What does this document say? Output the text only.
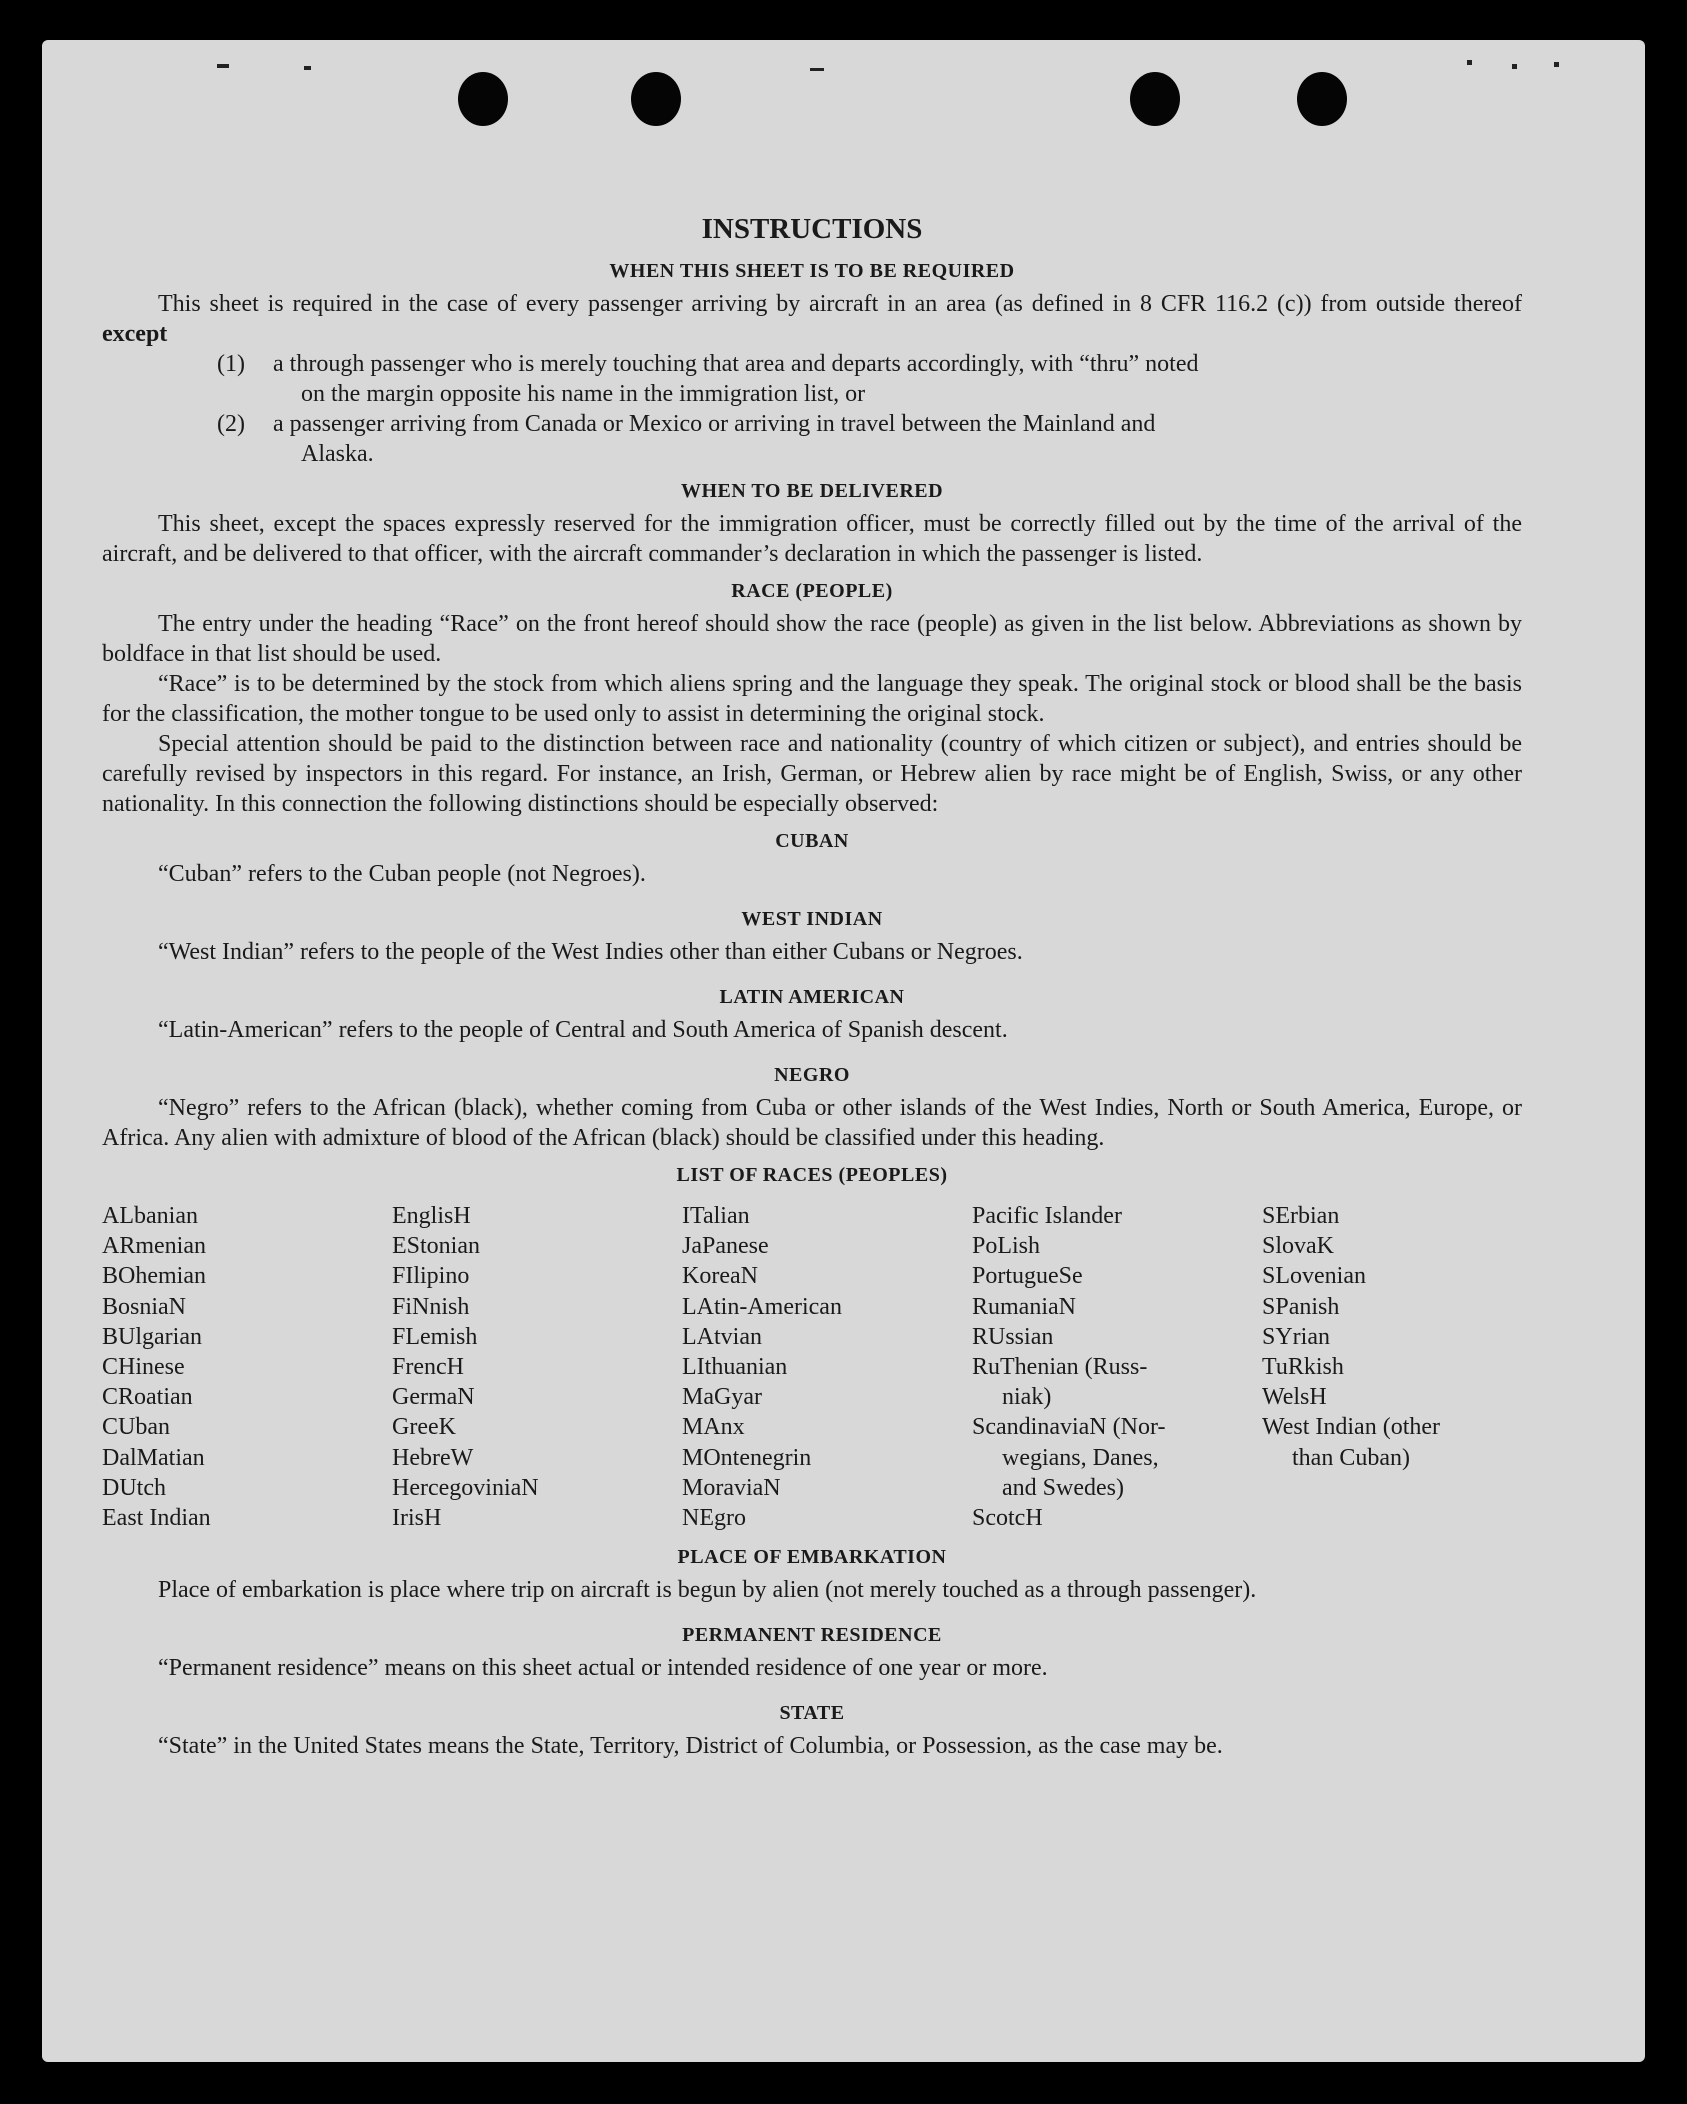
INSTRUCTIONS
WHEN THIS SHEET IS TO BE REQUIRED

This sheet is required in the case of every passenger arriving by aircraft in an area (as defined in 8 CFR 116.2 (c)) from outside thereof except

(1)	a through passenger who is merely touching that area and departs accordingly, with “thru” noted
on the margin opposite his name in the immigration list, or
(2)	a passenger arriving from Canada or Mexico or arriving in travel between the Mainland and
Alaska.
WHEN TO BE DELIVERED

This sheet, except the spaces expressly reserved for the immigration officer, must be correctly filled out by the time of the arrival of the aircraft, and be delivered to that officer, with the aircraft commander’s declaration in which the passenger is listed.

RACE (PEOPLE)

The entry under the heading “Race” on the front hereof should show the race (people) as given in the list below. Abbreviations as shown by boldface in that list should be used.

“Race” is to be determined by the stock from which aliens spring and the language they speak. The original stock or blood shall be the basis for the classification, the mother tongue to be used only to assist in determining the original stock.

Special attention should be paid to the distinction between race and nationality (country of which citizen or subject), and entries should be carefully revised by inspectors in this regard. For instance, an Irish, German, or Hebrew alien by race might be of English, Swiss, or any other nationality. In this connection the following distinctions should be especially observed:

CUBAN

“Cuban” refers to the Cuban people (not Negroes).

WEST INDIAN

“West Indian” refers to the people of the West Indies other than either Cubans or Negroes.

LATIN AMERICAN

“Latin-American” refers to the people of Central and South America of Spanish descent.

NEGRO

“Negro” refers to the African (black), whether coming from Cuba or other islands of the West Indies, North or South America, Europe, or Africa. Any alien with admixture of blood of the African (black) should be classified under this heading.

LIST OF RACES (PEOPLES)
ALbanian
ARmenian
BOhemian
BosniaN
BUlgarian
CHinese
CRoatian
CUban
DalMatian
DUtch
East Indian
EnglisH
EStonian
FIlipino
FiNnish
FLemish
FrencH
GermaN
GreeK
HebreW
HercegoviniaN
IrisH
ITalian
JaPanese
KoreaN
LAtin-American
LAtvian
LIthuanian
MaGyar
MAnx
MOntenegrin
MoraviaN
NEgro
Pacific Islander
PoLish
PortugueSe
RumaniaN
RUssian
RuThenian (Russ-
niak)
ScandinaviaN (Nor-
wegians, Danes,
and Swedes)
ScotcH
SErbian
SlovaK
SLovenian
SPanish
SYrian
TuRkish
WelsH
West Indian (other
than Cuban)
PLACE OF EMBARKATION

Place of embarkation is place where trip on aircraft is begun by alien (not merely touched as a through passenger).

PERMANENT RESIDENCE

“Permanent residence” means on this sheet actual or intended residence of one year or more.

STATE

“State” in the United States means the State, Territory, District of Columbia, or Possession, as the case may be.
